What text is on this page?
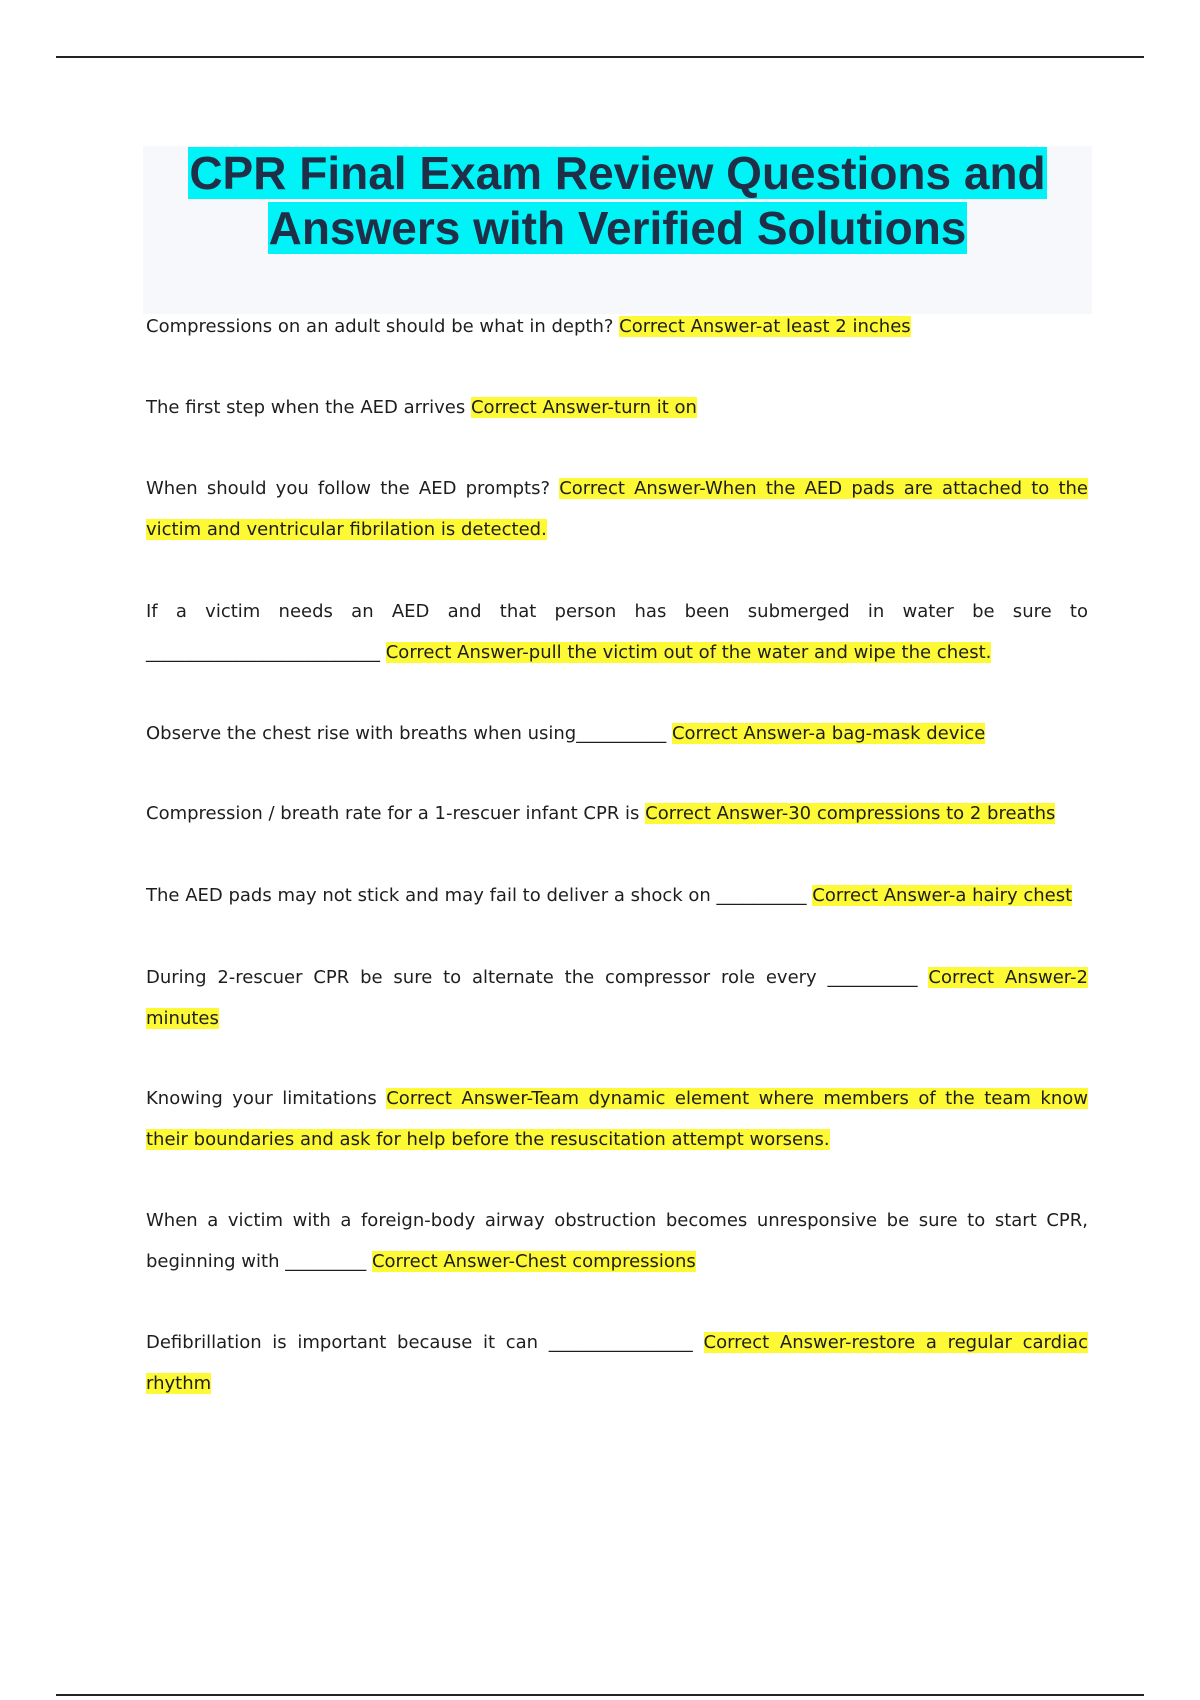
CPR Final Exam Review Questions and
Answers with Verified Solutions

Compressions on an adult should be what in depth? Correct Answer-at least 2 inches

The first step when the AED arrives Correct Answer-turn it on

When should you follow the AED prompts? Correct Answer-When the AED pads are attached to the victim and ventricular fibrilation is detected.

If a victim needs an AED and that person has been submerged in water be sure to __________________________ Correct Answer-pull the victim out of the water and wipe the chest.

Observe the chest rise with breaths when using__________ Correct Answer-a bag-mask device

Compression / breath rate for a 1-rescuer infant CPR is Correct Answer-30 compressions to 2 breaths

The AED pads may not stick and may fail to deliver a shock on __________ Correct Answer-a hairy chest

During 2-rescuer CPR be sure to alternate the compressor role every __________ Correct Answer-2 minutes

Knowing your limitations Correct Answer-Team dynamic element where members of the team know their boundaries and ask for help before the resuscitation attempt worsens.

When a victim with a foreign-body airway obstruction becomes unresponsive be sure to start CPR, beginning with _________ Correct Answer-Chest compressions

Defibrillation is important because it can ________________ Correct Answer-restore a regular cardiac rhythm
